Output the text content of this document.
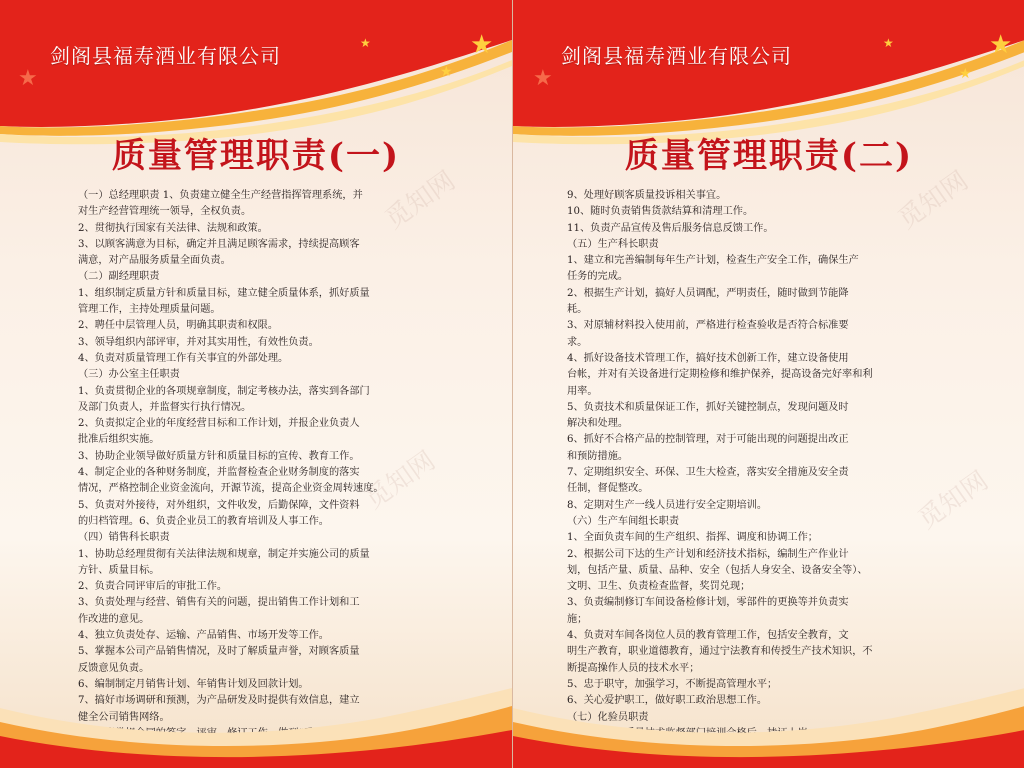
★
★
★
★
剑阁县福寿酒业有限公司
质量管理职责(一)
（一）总经理职责 1、负责建立健全生产经营指挥管理系统，并
对生产经营管理统一领导，全权负责。
2、贯彻执行国家有关法律、法规和政策。
3、以顾客满意为目标，确定并且满足顾客需求，持续提高顾客
满意，对产品服务质量全面负责。
（二）副经理职责
1、组织制定质量方针和质量目标，建立健全质量体系，抓好质量
管理工作，主持处理质量问题。
2、聘任中层管理人员，明确其职责和权限。
3、领导组织内部评审，并对其实用性，有效性负责。
4、负责对质量管理工作有关事宜的外部处理。
（三）办公室主任职责
1、负责贯彻企业的各项规章制度，制定考核办法，落实到各部门
及部门负责人，并监督实行执行情况。
2、负责拟定企业的年度经营目标和工作计划，并报企业负责人
批准后组织实施。
3、协助企业领导做好质量方针和质量目标的宣传、教育工作。
4、制定企业的各种财务制度，并监督检查企业财务制度的落实
情况，严格控制企业资金流向，开源节流，提高企业资金周转速度。
5、负责对外接待，对外组织，文件收发，后勤保障，文件资料
的归档管理。6、负责企业员工的教育培训及人事工作。
（四）销售科长职责
1、协助总经理贯彻有关法律法规和规章，制定并实施公司的质量
方针、质量目标。
2、负责合同评审后的审批工作。
3、负责处理与经营、销售有关的问题，提出销售工作计划和工
作改进的意见。
4、独立负责处存、运输、产品销售、市场开发等工作。
5、掌握本公司产品销售情况，及时了解质量声誉，对顾客质量
反馈意见负责。
6、编制制定月销售计划、年销售计划及回款计划。
7、搞好市场调研和预测，为产品研发及时提供有效信息，建立
健全公司销售网络。
觅知网
觅知网
★
★
★
★
剑阁县福寿酒业有限公司
质量管理职责(二)
9、处理好顾客质量投诉相关事宜。
10、随时负责销售货款结算和清理工作。
11、负责产品宣传及售后服务信息反馈工作。
（五）生产科长职责
1、建立和完善编制每年生产计划，检查生产安全工作，确保生产
任务的完成。
2、根据生产计划，搞好人员调配，严明责任，随时做到节能降
耗。
3、对原辅材料投入使用前，严格进行检查验收是否符合标准要
求。
4、抓好设备技术管理工作，搞好技术创新工作，建立设备使用
台帐，并对有关设备进行定期检修和维护保养，提高设备完好率和利
用率。
5、负责技术和质量保证工作，抓好关键控制点，发现问题及时
解决和处理。
6、抓好不合格产品的控制管理，对于可能出现的问题提出改正
和预防措施。
7、定期组织安全、环保、卫生大检查，落实安全措施及安全责
任制，督促整改。
8、定期对生产一线人员进行安全定期培训。
（六）生产车间组长职责
1、全面负责车间的生产组织、指挥、调度和协调工作；
2、根据公司下达的生产计划和经济技术指标，编制生产作业计
划，包括产量、质量、品种、安全（包括人身安全、设备安全等）、
文明、卫生、负责检查监督，奖罚兑现；
3、负责编制修订车间设备检修计划，零部件的更换等并负责实
施；
4、负责对车间各岗位人员的教育管理工作，包括安全教育，文
明生产教育，职业道德教育，通过宁法教育和传授生产技术知识，不
断提高操作人员的技术水平；
5、忠于职守，加强学习，不断提高管理水平；
6、关心爱护职工，做好职工政治思想工作。
（七）化验员职责
觅知网
觅知网
